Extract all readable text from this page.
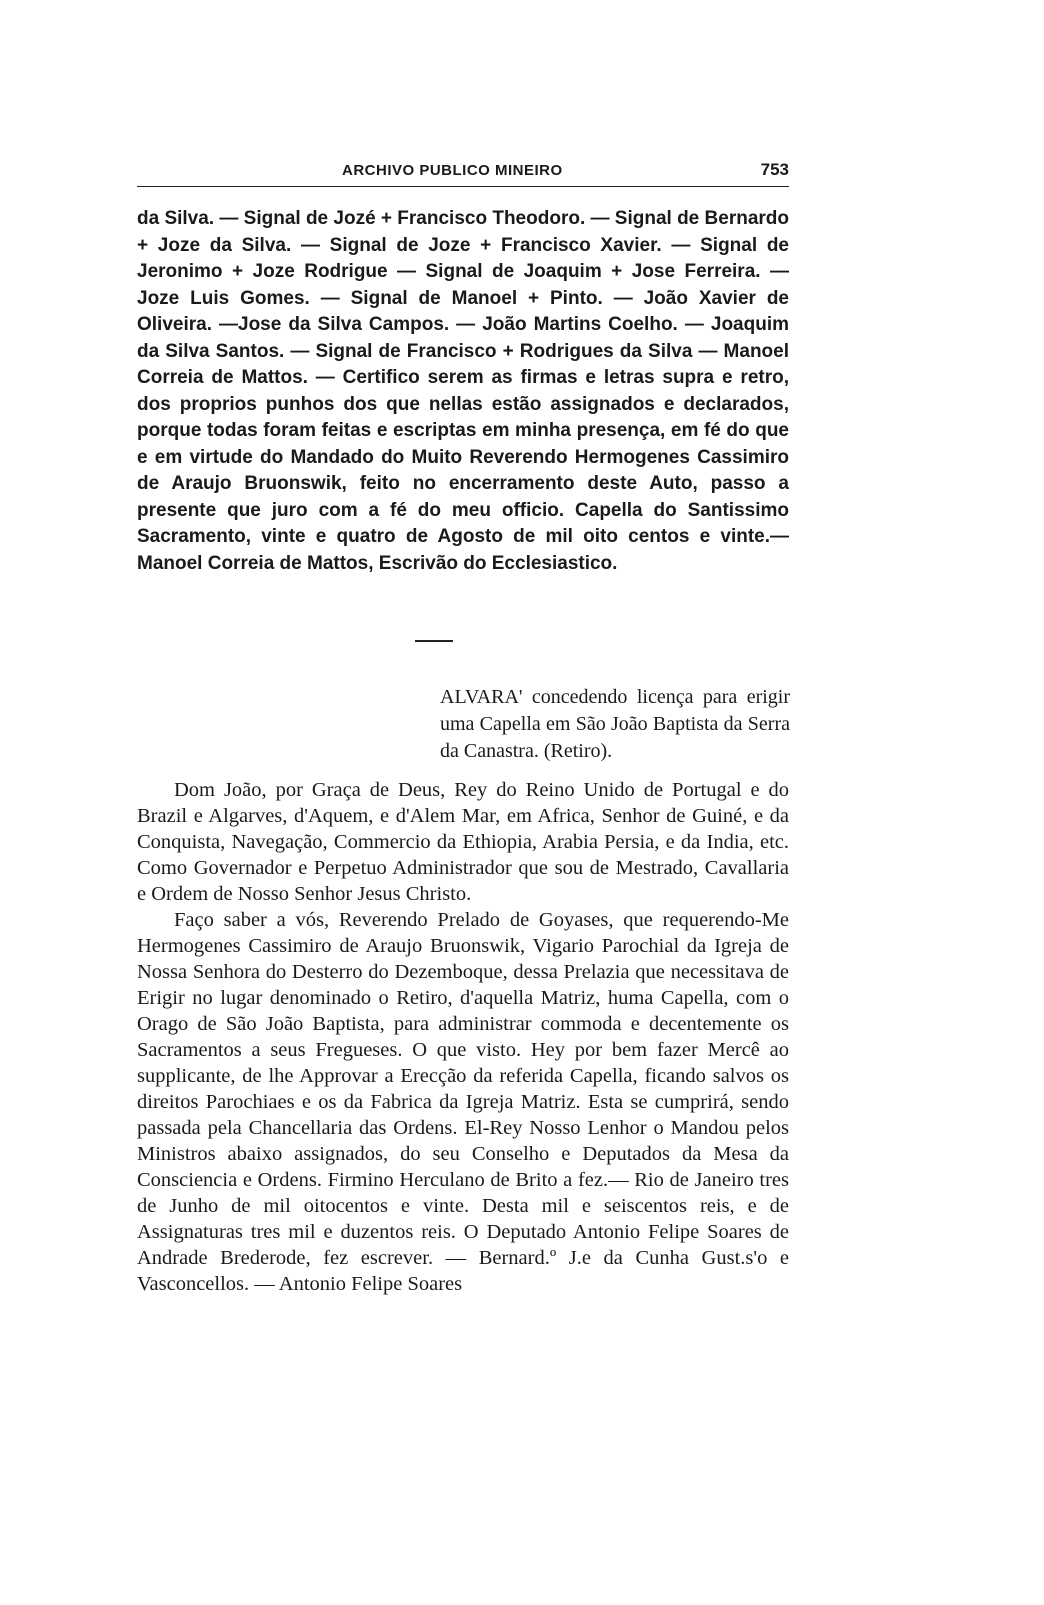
ARCHIVO PUBLICO MINEIRO	753

da Silva. — Signal de Jozé + Francisco Theodoro. — Signal de Bernardo + Joze da Silva. — Signal de Joze + Francisco Xavier. — Signal de Jeronimo + Joze Rodrigue — Signal de Joaquim + Jose Ferreira. — Joze Luis Gomes. — Signal de Manoel + Pinto. — João Xavier de Oliveira. —Jose da Silva Campos. — João Martins Coelho. — Joaquim da Silva Santos. — Signal de Francisco + Rodrigues da Silva — Manoel Correia de Mattos. — Certifico serem as firmas e letras supra e retro, dos proprios punhos dos que nellas estão assignados e declarados, porque todas foram feitas e escriptas em minha presença, em fé do que e em virtude do Mandado do Muito Reverendo Hermogenes Cassimiro de Araujo Bruonswik, feito no encerramento deste Auto, passo a presente que juro com a fé do meu officio. Capella do Santissimo Sacramento, vinte e quatro de Agosto de mil oito centos e vinte.—Manoel Correia de Mattos, Escrivão do Ecclesiastico.

ALVARA' concedendo licença para erigir uma Capella em São João Baptista da Serra da Canastra. (Retiro).

Dom João, por Graça de Deus, Rey do Reino Unido de Portugal e do Brazil e Algarves, d'Aquem, e d'Alem Mar, em Africa, Senhor de Guiné, e da Conquista, Navegação, Commercio da Ethiopia, Arabia Persia, e da India, etc. Como Governador e Perpetuo Administrador que sou de Mestrado, Cavallaria e Ordem de Nosso Senhor Jesus Christo.

Faço saber a vós, Reverendo Prelado de Goyases, que requerendo-Me Hermogenes Cassimiro de Araujo Bruonswik, Vigario Parochial da Igreja de Nossa Senhora do Desterro do Dezemboque, dessa Prelazia que necessitava de Erigir no lugar denominado o Retiro, d'aquella Matriz, huma Capella, com o Orago de São João Baptista, para administrar commoda e decentemente os Sacramentos a seus Fregueses. O que visto. Hey por bem fazer Mercê ao supplicante, de lhe Approvar a Erecção da referida Capella, ficando salvos os direitos Parochiaes e os da Fabrica da Igreja Matriz. Esta se cumprirá, sendo passada pela Chancellaria das Ordens. El-Rey Nosso Lenhor o Mandou pelos Ministros abaixo assignados, do seu Conselho e Deputados da Mesa da Consciencia e Ordens. Firmino Herculano de Brito a fez.— Rio de Janeiro tres de Junho de mil oitocentos e vinte. Desta mil e seiscentos reis, e de Assignaturas tres mil e duzentos reis. O Deputado Antonio Felipe Soares de Andrade Brederode, fez escrever. — Bernard.º J.e da Cunha Gust.s'o e Vasconcellos. — Antonio Felipe Soares
